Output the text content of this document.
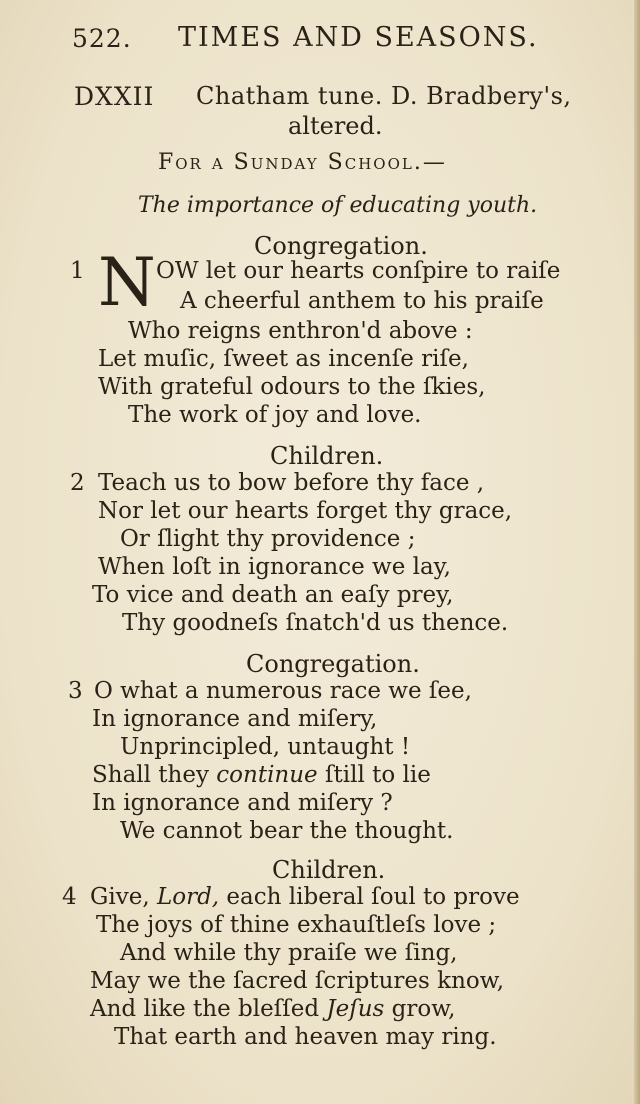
522. TIMES AND SEASONS.
DXXII Chatham tune. D. Bradbery's,
altered.
For a Sunday School.—
The importance of educating youth.
Congregation.
1 N OW let our hearts conſpire to raiſe
A cheerful anthem to his praiſe
Who reigns enthron'd above :
Let muſic, ſweet as incenſe riſe,
With grateful odours to the ſkies,
The work of joy and love.
Children.
2 Teach us to bow before thy face ,
Nor let our hearts forget thy grace,
Or ſlight thy providence ;
When loſt in ignorance we lay,
To vice and death an eaſy prey,
Thy goodneſs ſnatch'd us thence.
Congregation.
3 O what a numerous race we ſee,
In ignorance and miſery,
Unprincipled, untaught !
Shall they continue ſtill to lie
In ignorance and miſery ?
We cannot bear the thought.
Children.
4 Give, Lord, each liberal ſoul to prove
The joys of thine exhauſtleſs love ;
And while thy praiſe we ſing,
May we the ſacred ſcriptures know,
And like the bleſſed Jeſus grow,
That earth and heaven may ring.
